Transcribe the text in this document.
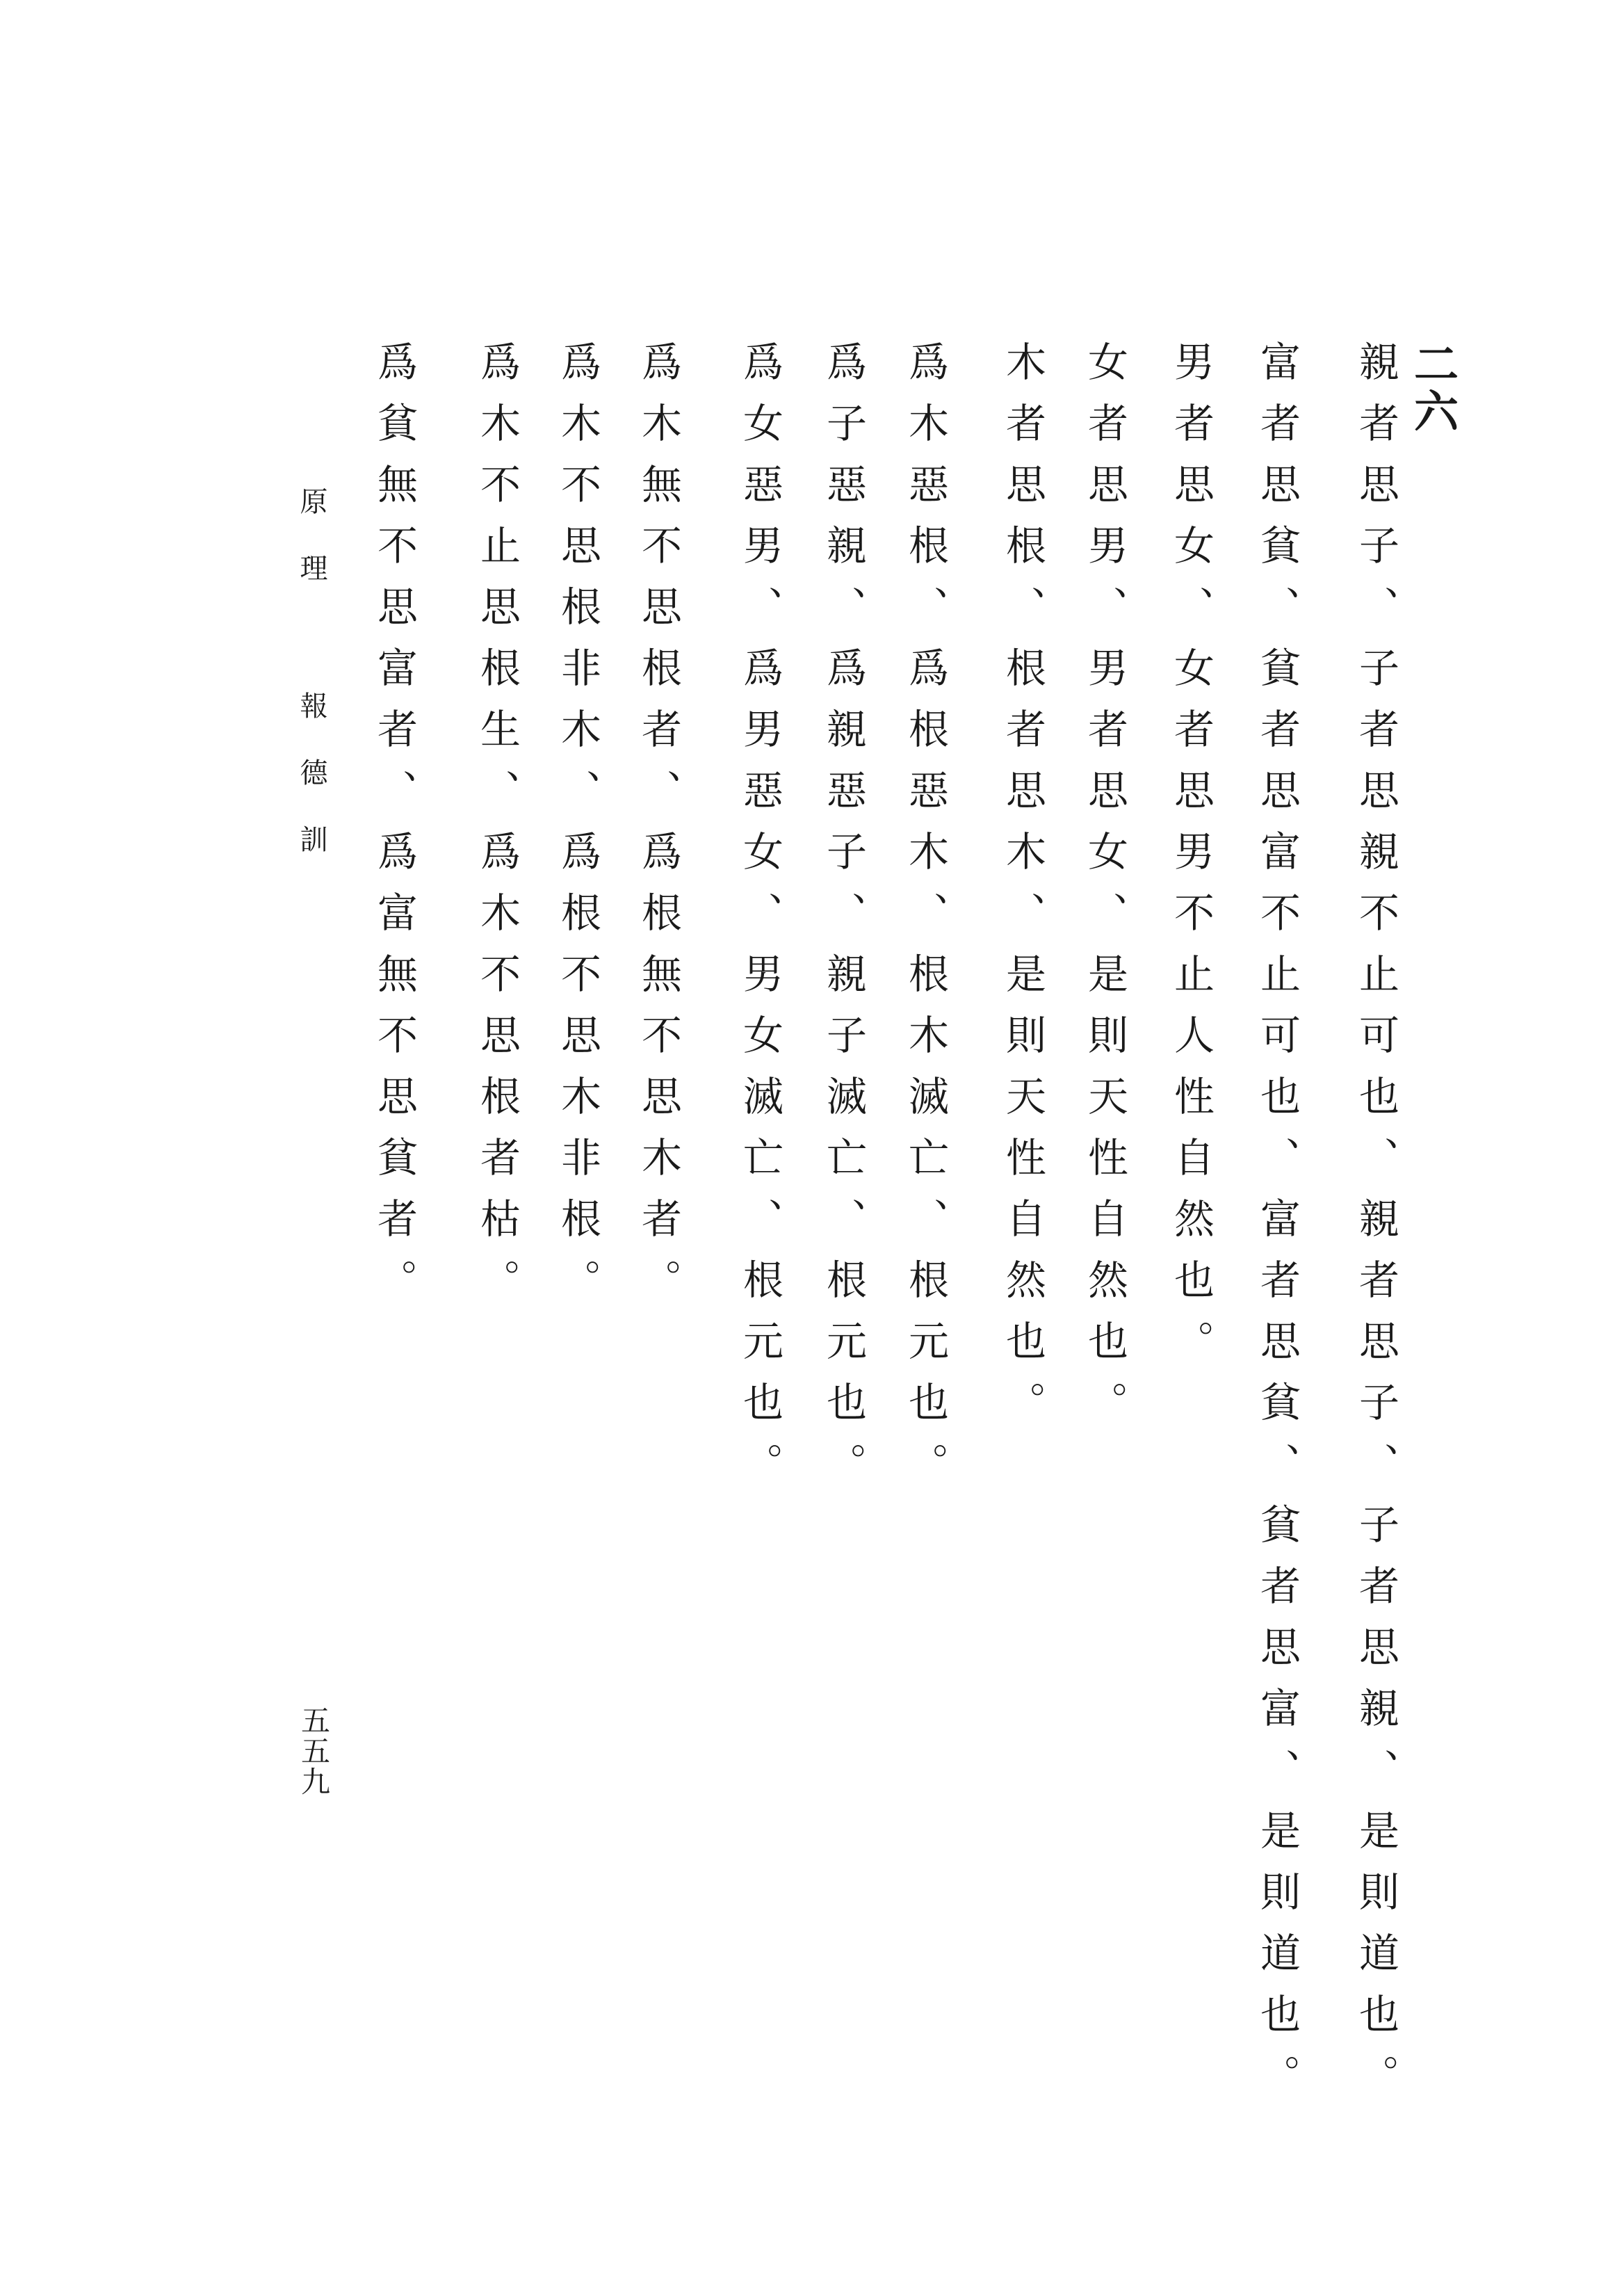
二六
親者思子、子者思親不止可也、親者思子、子者思親、是則道也。
富者思貧、貧者思富不止可也、富者思貧、貧者思富、是則道也。
男者思女、女者思男不止人性自然也。
女者思男、男者思女、是則天性自然也。
木者思根、根者思木、是則天性自然也。
爲木惡根、爲根惡木、根木滅亡、根元也。
爲子惡親、爲親惡子、親子滅亡、根元也。
爲女惡男、爲男惡女、男女滅亡、根元也。
爲木無不思根者、爲根無不思木者。
爲木不思根非木、爲根不思木非根。
爲木不止思根生、爲木不思根者枯。
爲貧無不思富者、爲富無不思貧者。
原理 報德訓
五五九
